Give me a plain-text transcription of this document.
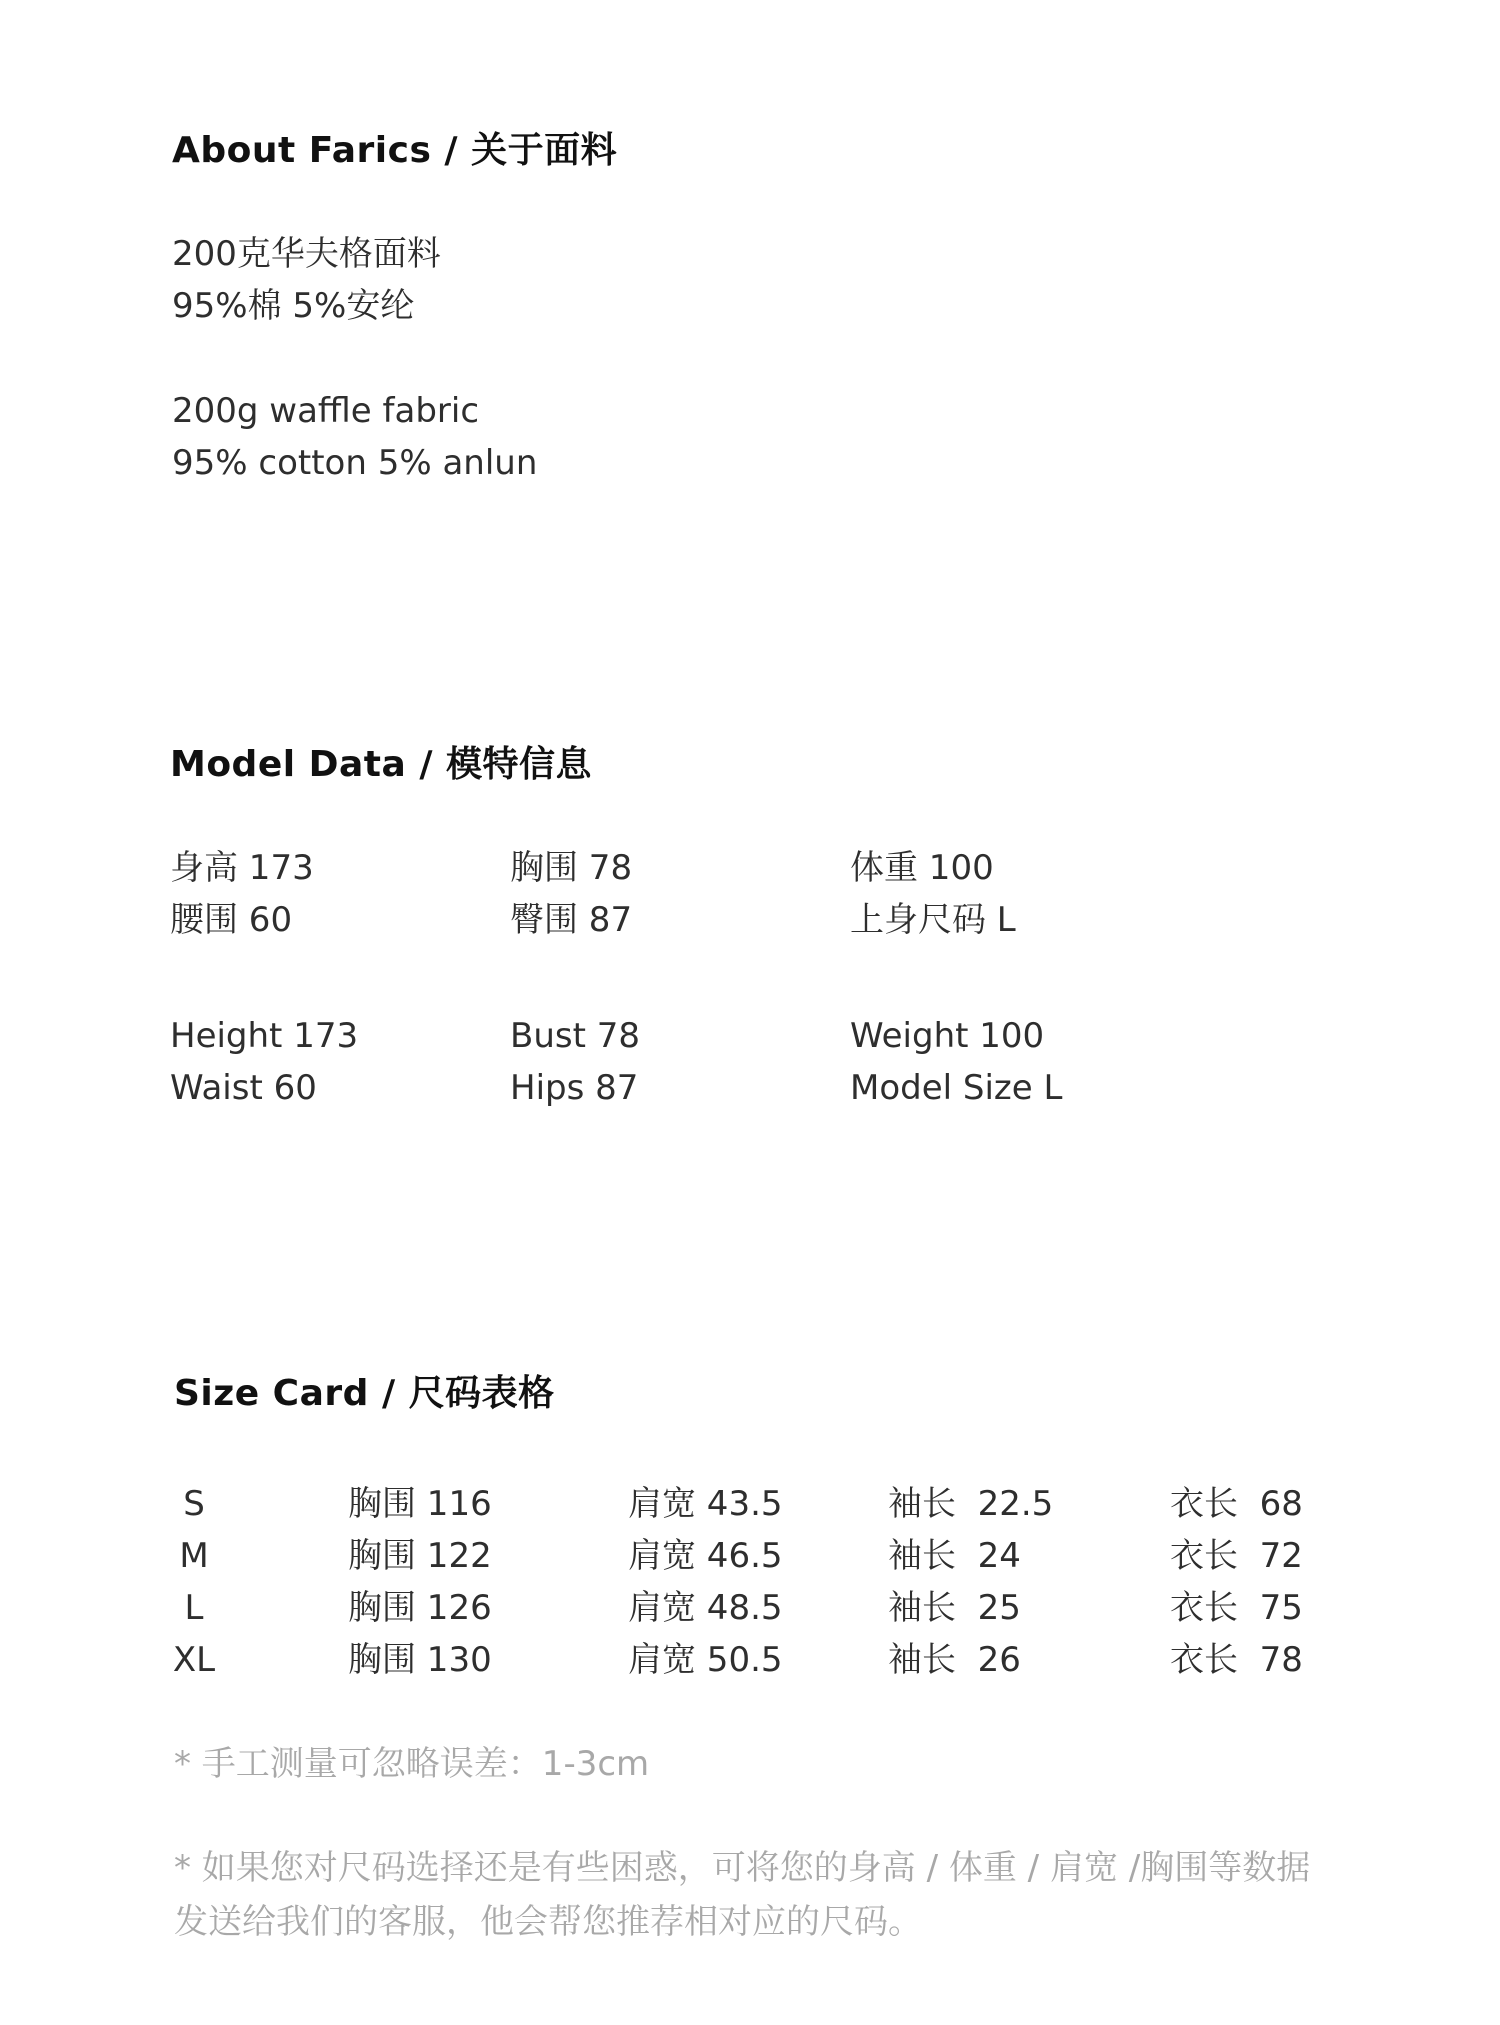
About Farics / 关于面料
200克华夫格面料
95%棉 5%安纶
200g waffle fabric
95% cotton 5% anlun
Model Data / 模特信息
身高 173	胸围 78	体重 100
腰围 60	臀围 87	上身尺码 L
Height 173	Bust 78	Weight 100
Waist 60	Hips 87	Model Size L
Size Card / 尺码表格
S	胸围 116	肩宽 43.5	袖长  22.5	衣长  68
M	胸围 122	肩宽 46.5	袖长  24	衣长  72
L	胸围 126	肩宽 48.5	袖长  25	衣长  75
XL	胸围 130	肩宽 50.5	袖长  26	衣长  78
* 手工测量可忽略误差：1-3cm
* 如果您对尺码选择还是有些困惑，可将您的身高 / 体重 / 肩宽 /胸围等数据发送给我们的客服，他会帮您推荐相对应的尺码。
